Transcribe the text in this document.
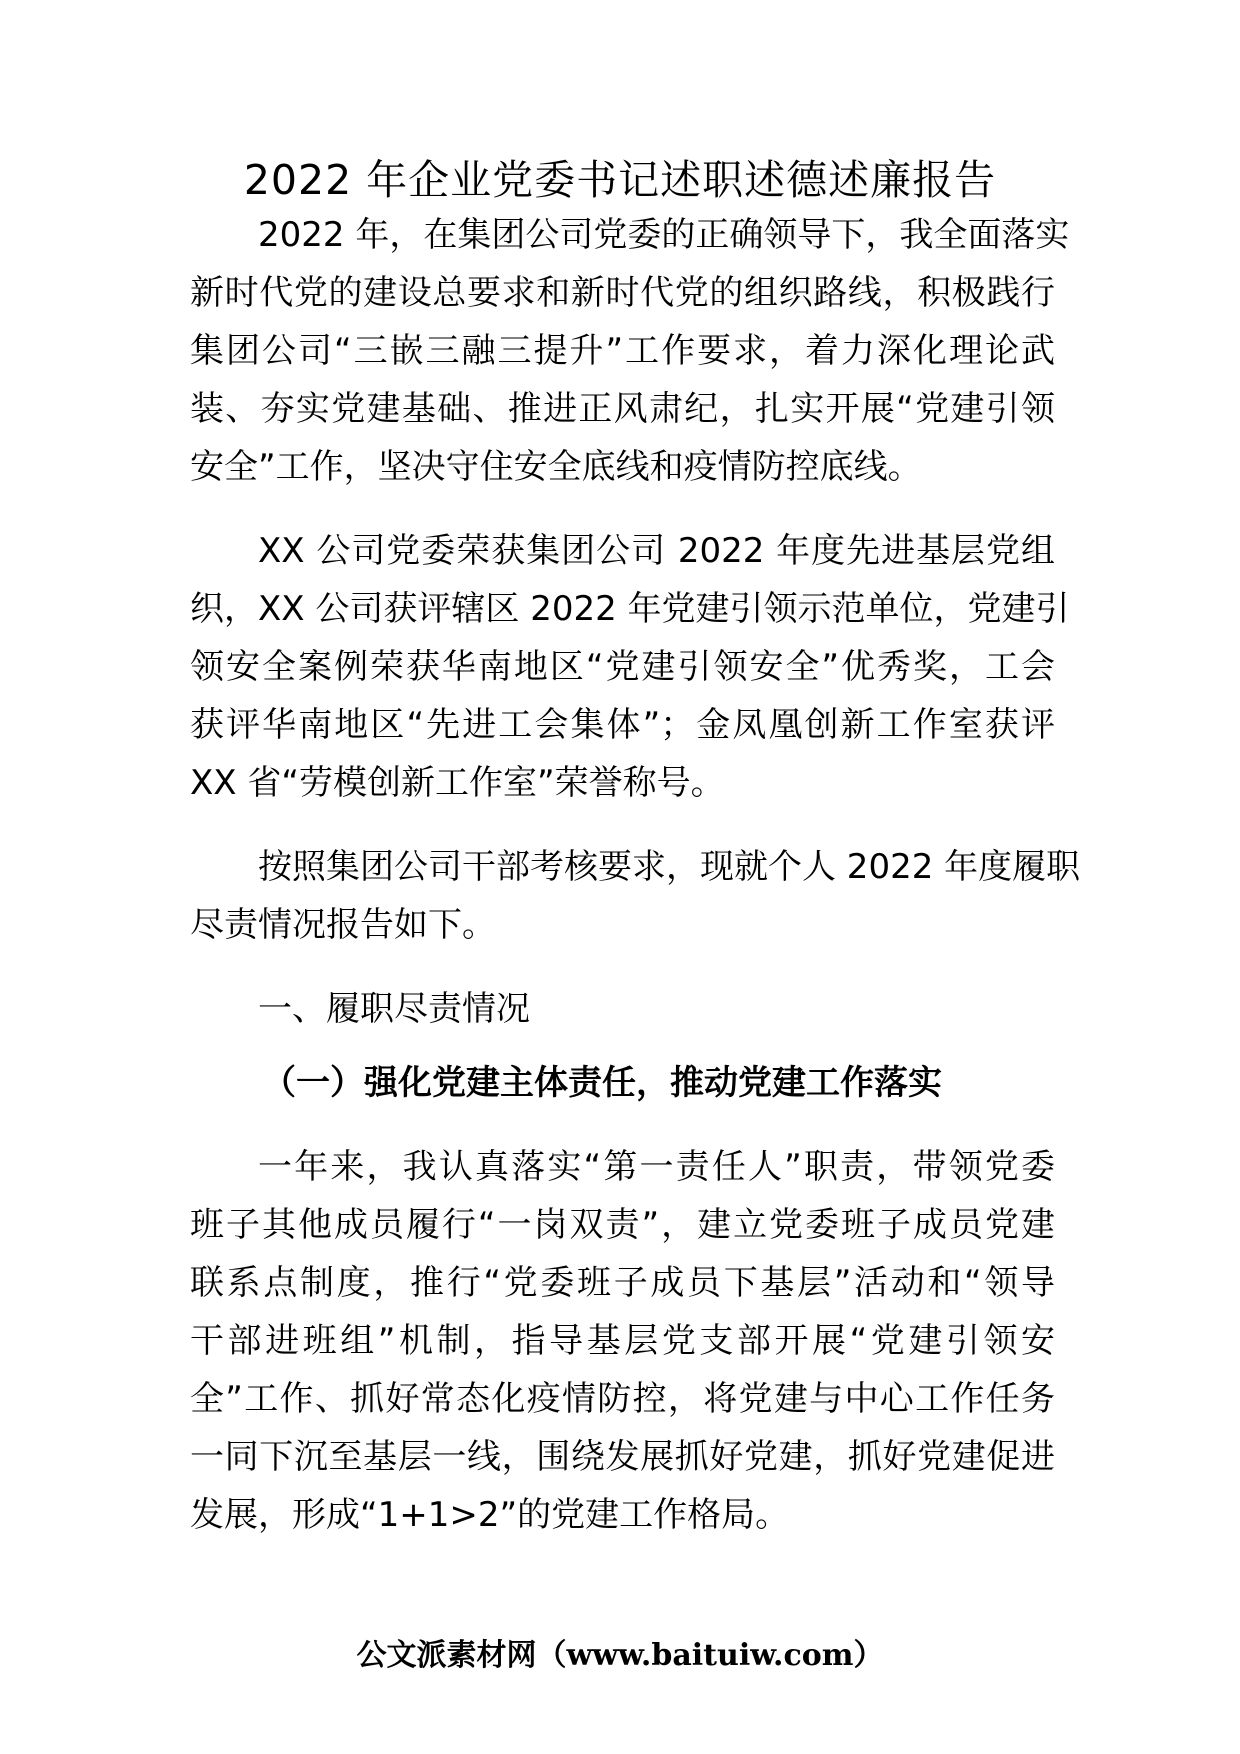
2022 年企业党委书记述职述德述廉报告
2022 年，在集团公司党委的正确领导下，我全面落实
新时代党的建设总要求和新时代党的组织路线，积极践行
集团公司“三嵌三融三提升”工作要求，着力深化理论武
装、夯实党建基础、推进正风肃纪，扎实开展“党建引领
安全”工作，坚决守住安全底线和疫情防控底线。
XX 公司党委荣获集团公司 2022 年度先进基层党组
织，XX 公司获评辖区 2022 年党建引领示范单位，党建引
领安全案例荣获华南地区“党建引领安全”优秀奖，工会
获评华南地区“先进工会集体”；金凤凰创新工作室获评
XX 省“劳模创新工作室”荣誉称号。
按照集团公司干部考核要求，现就个人 2022 年度履职
尽责情况报告如下。
一、履职尽责情况
（一）强化党建主体责任，推动党建工作落实
一年来，我认真落实“第一责任人”职责，带领党委
班子其他成员履行“一岗双责”，建立党委班子成员党建
联系点制度，推行“党委班子成员下基层”活动和“领导
干部进班组”机制，指导基层党支部开展“党建引领安
全”工作、抓好常态化疫情防控，将党建与中心工作任务
一同下沉至基层一线，围绕发展抓好党建，抓好党建促进
发展，形成“1+1>2”的党建工作格局。
公文派素材网（www.baituiw.com）
